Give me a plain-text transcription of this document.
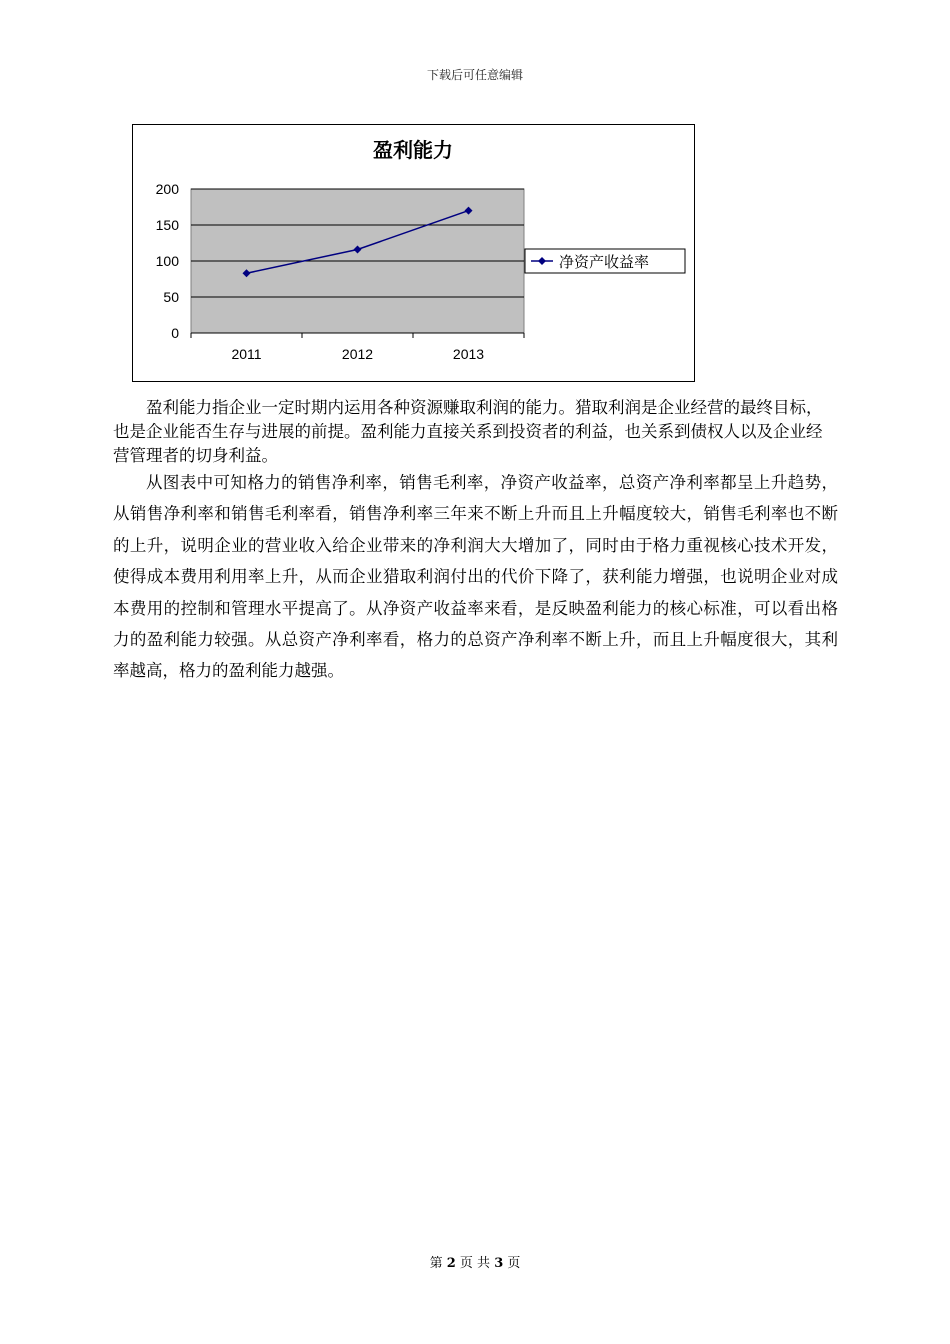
下载后可任意编辑
盈利能力
0
50
100
150
200
2011	2012	2013
净资产收益率

盈利能力指企业一定时期内运用各种资源赚取利润的能力。猎取利润是企业经营的最终目标，也是企业能否生存与进展的前提。盈利能力直接关系到投资者的利益，也关系到债权人以及企业经营管理者的切身利益。

从图表中可知格力的销售净利率，销售毛利率，净资产收益率，总资产净利率都呈上升趋势，从销售净利率和销售毛利率看，销售净利率三年来不断上升而且上升幅度较大，销售毛利率也不断的上升，说明企业的营业收入给企业带来的净利润大大增加了，同时由于格力重视核心技术开发，使得成本费用利用率上升，从而企业猎取利润付出的代价下降了，获利能力增强，也说明企业对成本费用的控制和管理水平提高了。从净资产收益率来看，是反映盈利能力的核心标准，可以看出格力的盈利能力较强。从总资产净利率看，格力的总资产净利率不断上升，而且上升幅度很大，其利率越高，格力的盈利能力越强。

第 2 页 共 3 页
